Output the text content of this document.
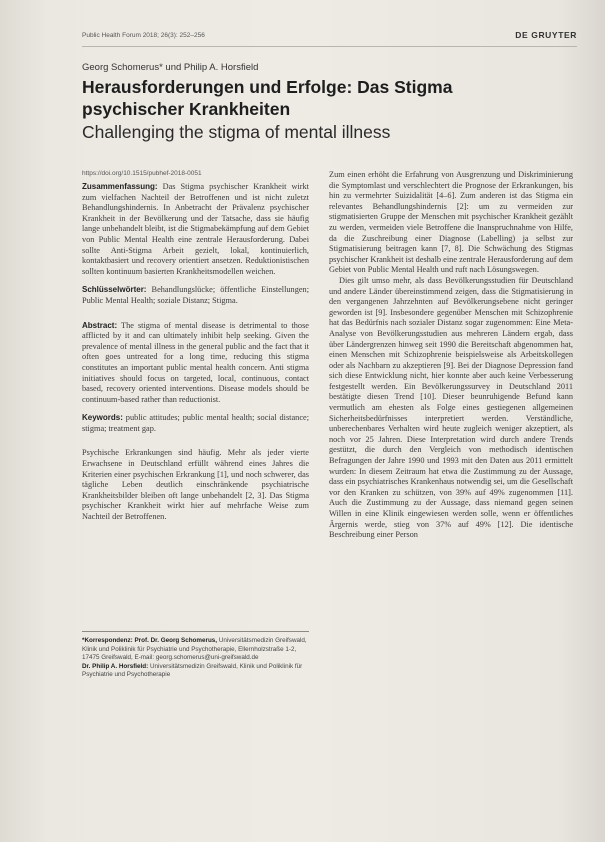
Public Health Forum 2018; 26(3): 252–256	DE GRUYTER
Georg Schomerus* und Philip A. Horsfield
Herausforderungen und Erfolge: Das Stigma psychischer Krankheiten
Challenging the stigma of mental illness
https://doi.org/10.1515/pubhef-2018-0051

Zusammenfassung: Das Stigma psychischer Krankheit wirkt zum vielfachen Nachteil der Betroffenen und ist nicht zuletzt Behandlungshindernis. In Anbetracht der Prävalenz psychischer Krankheit in der Bevölkerung und der Tatsache, dass sie häufig lange unbehandelt bleibt, ist die Stigmabekämpfung auf dem Gebiet von Public Mental Health eine zentrale Herausforderung. Dabei sollte Anti-Stigma Arbeit gezielt, lokal, kontinuierlich, kontaktbasiert und recovery orientiert ansetzen. Reduktionistischen sollten kontinuum basierten Krankheitsmodellen weichen.

Schlüsselwörter: Behandlungslücke; öffentliche Einstellungen; Public Mental Health; soziale Distanz; Stigma.

Abstract: The stigma of mental disease is detrimental to those afflicted by it and can ultimately inhibit help seeking. Given the prevalence of mental illness in the general public and the fact that it often goes untreated for a long time, reducing this stigma constitutes an important public mental health concern. Anti stigma initiatives should focus on targeted, local, continuous, contact based, recovery oriented interventions. Disease models should be continuum-based rather than reductionist.

Keywords: public attitudes; public mental health; social distance; stigma; treatment gap.

Psychische Erkrankungen sind häufig. Mehr als jeder vierte Erwachsene in Deutschland erfüllt während eines Jahres die Kriterien einer psychischen Erkrankung [1], und noch schwerer, das tägliche Leben deutlich einschränkende psychiatrische Krankheitsbilder bleiben oft lange unbehandelt [2, 3]. Das Stigma psychischer Krankheit wirkt hier auf mehrfache Weise zum Nachteil der Betroffenen.

*Korrespondenz: Prof. Dr. Georg Schomerus, Universitätsmedizin Greifswald, Klinik und Poliklinik für Psychiatrie und Psychotherapie, Ellernholzstraße 1-2, 17475 Greifswald, E-mail: georg.schomerus@uni-greifswald.de

Dr. Philip A. Horsfield: Universitätsmedizin Greifswald, Klinik und Poliklinik für Psychiatrie und Psychotherapie

Zum einen erhöht die Erfahrung von Ausgrenzung und Diskriminierung die Symptomlast und verschlechtert die Prognose der Erkrankungen, bis hin zu vermehrter Suizidalität [4–6]. Zum anderen ist das Stigma ein relevantes Behandlungshindernis [2]: um zu vermeiden zur stigmatisierten Gruppe der Menschen mit psychischer Krankheit gezählt zu werden, vermeiden viele Betroffene die Inanspruchnahme von Hilfe, da die Zuschreibung einer Diagnose (Labelling) ja selbst zur Stigmatisierung beitragen kann [7, 8]. Die Schwächung des Stigmas psychischer Krankheit ist deshalb eine zentrale Herausforderung auf dem Gebiet von Public Mental Health und ruft nach Lösungswegen.

Dies gilt umso mehr, als dass Bevölkerungsstudien für Deutschland und andere Länder übereinstimmend zeigen, dass die Stigmatisierung in den vergangenen Jahrzehnten auf Bevölkerungsebene nicht geringer geworden ist [9]. Insbesondere gegenüber Menschen mit Schizophrenie hat das Bedürfnis nach sozialer Distanz sogar zugenommen: Eine Meta-Analyse von Bevölkerungsstudien aus mehreren Ländern ergab, dass über Ländergrenzen hinweg seit 1990 die Bereitschaft abgenommen hat, einen Menschen mit Schizophrenie beispielsweise als Arbeitskollegen oder als Nachbarn zu akzeptieren [9]. Bei der Diagnose Depression fand sich diese Entwicklung nicht, hier konnte aber auch keine Verbesserung festgestellt werden. Ein Bevölkerungssurvey in Deutschland 2011 bestätigte diesen Trend [10]. Dieser beunruhigende Befund kann vermutlich am ehesten als Folge eines gestiegenen allgemeinen Sicherheitsbedürfnisses interpretiert werden. Verständliche, unberechenbares Verhalten wird heute zugleich weniger akzeptiert, als noch vor 25 Jahren. Diese Interpretation wird durch andere Trends gestützt, die durch den Vergleich von methodisch identischen Befragungen der Jahre 1990 und 1993 mit den Daten aus 2011 ermittelt wurden: In diesem Zeitraum hat etwa die Zustimmung zu der Aussage, dass ein psychiatrisches Krankenhaus notwendig sei, um die Gesellschaft vor den Kranken zu schützen, von 39% auf 49% zugenommen [11]. Auch die Zustimmung zu der Aussage, dass niemand gegen seinen Willen in eine Klinik eingewiesen werden solle, wenn er öffentliches Ärgernis werde, stieg von 37% auf 49% [12]. Die identische Beschreibung einer Person
